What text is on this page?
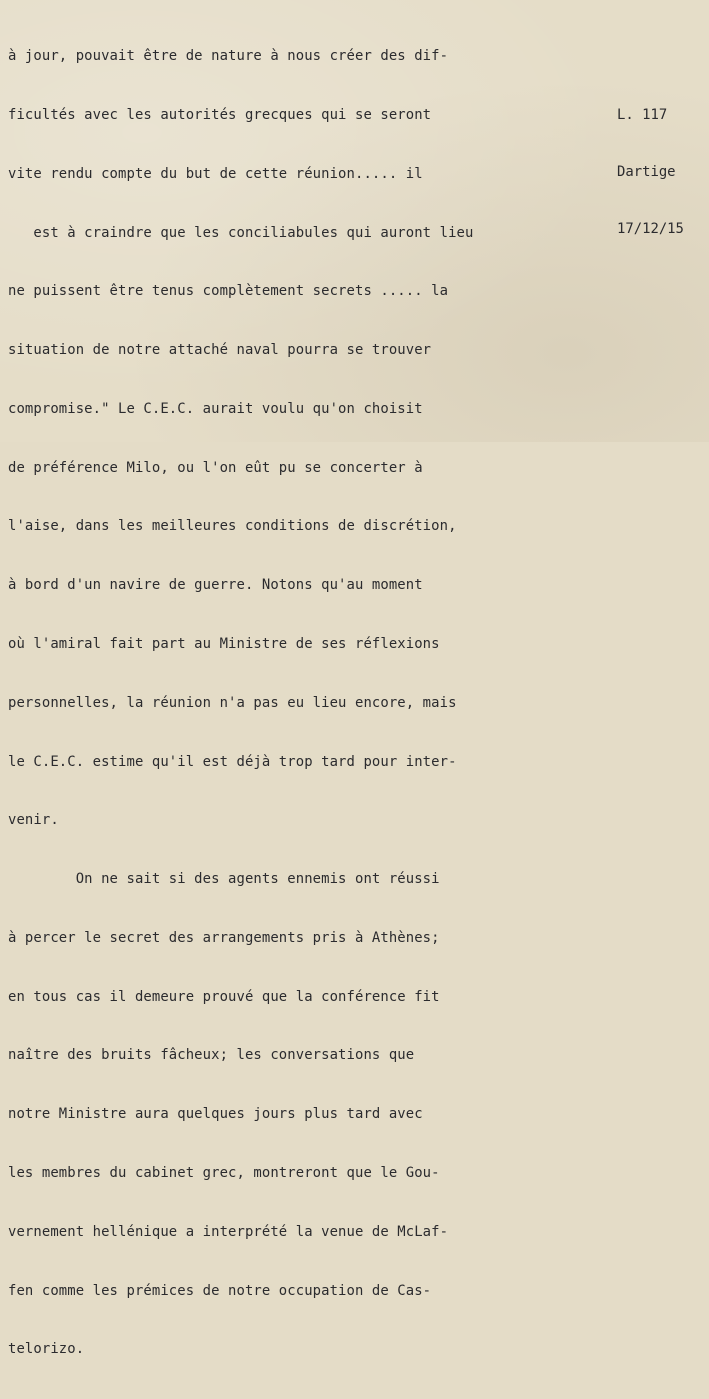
à jour, pouvait être de nature à nous créer des dif-

ficultés avec les autorités grecques qui se seront

vite rendu compte du but de cette réunion..... il

est à craindre que les conciliabules qui auront lieu

ne puissent être tenus complètement secrets ..... la

situation de notre attaché naval pourra se trouver

compromise." Le C.E.C. aurait voulu qu'on choisit

de préférence Milo, ou l'on eût pu se concerter à

l'aise, dans les meilleures conditions de discrétion,

à bord d'un navire de guerre. Notons qu'au moment

où l'amiral fait part au Ministre de ses réflexions

personnelles, la réunion n'a pas eu lieu encore, mais

le C.E.C. estime qu'il est déjà trop tard pour inter-

venir.

On ne sait si des agents ennemis ont réussi

à percer le secret des arrangements pris à Athènes;

en tous cas il demeure prouvé que la conférence fit

naître des bruits fâcheux; les conversations que

notre Ministre aura quelques jours plus tard avec

les membres du cabinet grec, montreront que le Gou-

vernement hellénique a interprété la venue de McLaf-

fen comme les prémices de notre occupation de Cas-

telorizo.

L. 117

Dartige

17/12/15
